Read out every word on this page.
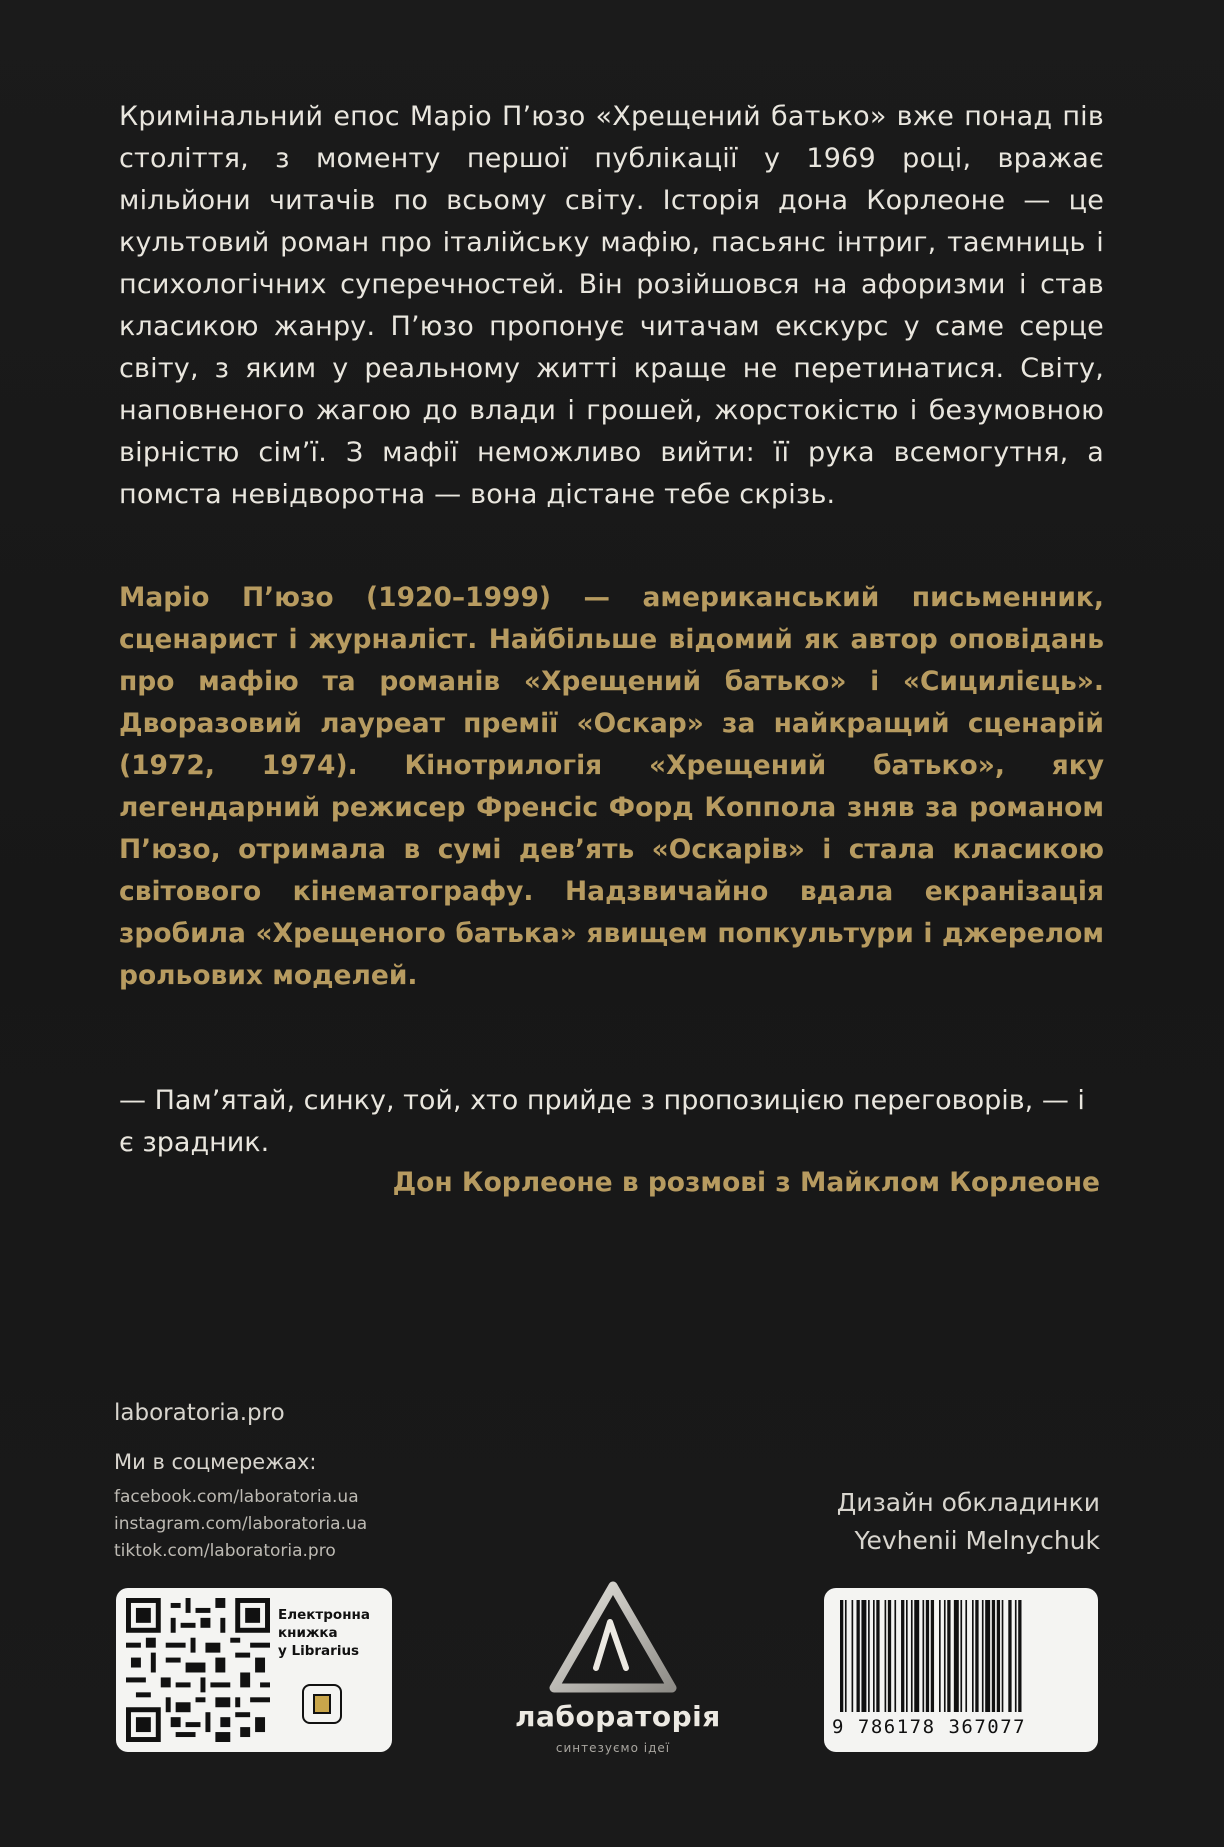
Кримінальний епос Маріо П’юзо «Хрещений батько» вже понад пів століття, з моменту першої публікації у 1969 році, вражає мільйони читачів по всьому світу. Історія дона Корлеоне — це культовий роман про італійську мафію, пасьянс інтриг, таємниць і психологічних суперечностей. Він розійшовся на афоризми і став класикою жанру. П’юзо пропонує читачам екскурс у саме серце світу, з яким у реальному житті краще не перетинатися. Світу, наповненого жагою до влади і грошей, жорстокістю і безумовною вірністю сім’ї. З мафії неможливо вийти: її рука всемогутня, а помста невідворотна — вона дістане тебе скрізь.

Маріо П’юзо (1920–1999) — американський письменник, сценарист і журналіст. Найбільше відомий як автор оповідань про мафію та романів «Хрещений батько» і «Сицилієць». Дворазовий лауреат премії «Оскар» за найкращий сценарій (1972, 1974). Кінотрилогія «Хрещений батько», яку легендарний режисер Френсіс Форд Коппола зняв за романом П’юзо, отримала в сумі дев’ять «Оскарів» і стала класикою світового кінематографу. Надзвичайно вдала екранізація зробила «Хрещеного батька» явищем попкультури і джерелом рольових моделей.

— Пам’ятай, синку, той, хто прийде з пропозицією переговорів, — і є зрадник.

Дон Корлеоне в розмові з Майклом Корлеоне

laboratoria.pro

Ми в соцмережах:

facebook.com/laboratoria.ua
instagram.com/laboratoria.ua
tiktok.com/laboratoria.pro
Дизайн обкладинки
Yevhenii Melnychuk
Електронна
книжка
у Librarius
лабораторія
синтезуємо ідеї
9 786178 367077
